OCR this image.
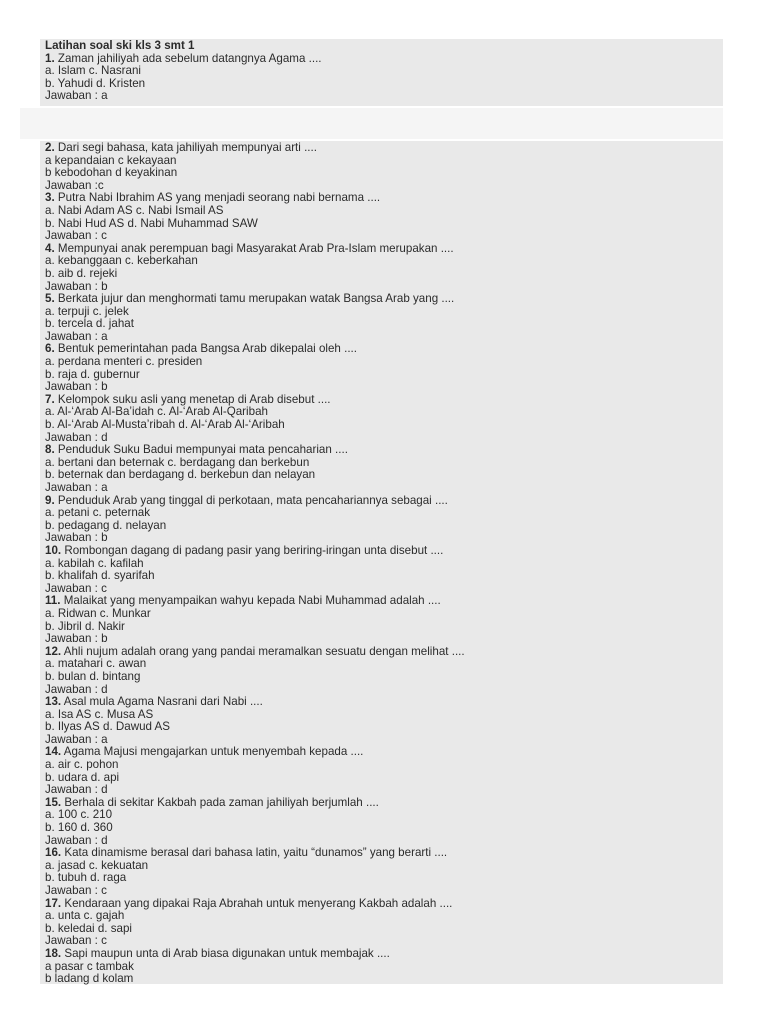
Latihan soal ski kls 3 smt 1
1. Zaman jahiliyah ada sebelum datangnya Agama ....
a. Islam c. Nasrani
b. Yahudi d. Kristen
Jawaban : a
2. Dari segi bahasa, kata jahiliyah mempunyai arti ....
a kepandaian c kekayaan
b kebodohan d keyakinan
Jawaban :c
3. Putra Nabi Ibrahim AS yang menjadi seorang nabi bernama ....
a. Nabi Adam AS c. Nabi Ismail AS
b. Nabi Hud AS d. Nabi Muhammad SAW
Jawaban : c
4. Mempunyai anak perempuan bagi Masyarakat Arab Pra-Islam merupakan ....
a. kebanggaan c. keberkahan
b. aib d. rejeki
Jawaban : b
5. Berkata jujur dan menghormati tamu merupakan watak Bangsa Arab yang ....
a. terpuji c. jelek
b. tercela d. jahat
Jawaban : a
6. Bentuk pemerintahan pada Bangsa Arab dikepalai oleh ....
a. perdana menteri c. presiden
b. raja d. gubernur
Jawaban : b
7. Kelompok suku asli yang menetap di Arab disebut ....
a. Al-‘Arab Al-Ba’idah c. Al-‘Arab Al-Qaribah
b. Al-‘Arab Al-Musta’ribah d. Al-‘Arab Al-‘Aribah
Jawaban : d
8. Penduduk Suku Badui mempunyai mata pencaharian ....
a. bertani dan beternak c. berdagang dan berkebun
b. beternak dan berdagang d. berkebun dan nelayan
Jawaban : a
9. Penduduk Arab yang tinggal di perkotaan, mata pencahariannya sebagai ....
a. petani c. peternak
b. pedagang d. nelayan
Jawaban : b
10. Rombongan dagang di padang pasir yang beriring-iringan unta disebut ....
a. kabilah c. kafilah
b. khalifah d. syarifah
Jawaban : c
11. Malaikat yang menyampaikan wahyu kepada Nabi Muhammad adalah ....
a. Ridwan c. Munkar
b. Jibril d. Nakir
Jawaban : b
12. Ahli nujum adalah orang yang pandai meramalkan sesuatu dengan melihat ....
a. matahari c. awan
b. bulan d. bintang
Jawaban : d
13. Asal mula Agama Nasrani dari Nabi ....
a. Isa AS c. Musa AS
b. Ilyas AS d. Dawud AS
Jawaban : a
14. Agama Majusi mengajarkan untuk menyembah kepada ....
a. air c. pohon
b. udara d. api
Jawaban : d
15. Berhala di sekitar Kakbah pada zaman jahiliyah berjumlah ....
a. 100 c. 210
b. 160 d. 360
Jawaban : d
16. Kata dinamisme berasal dari bahasa latin, yaitu “dunamos” yang berarti ....
a. jasad c. kekuatan
b. tubuh d. raga
Jawaban : c
17. Kendaraan yang dipakai Raja Abrahah untuk menyerang Kakbah adalah ....
a. unta c. gajah
b. keledai d. sapi
Jawaban : c
18. Sapi maupun unta di Arab biasa digunakan untuk membajak ....
a pasar c tambak
b ladang d kolam
